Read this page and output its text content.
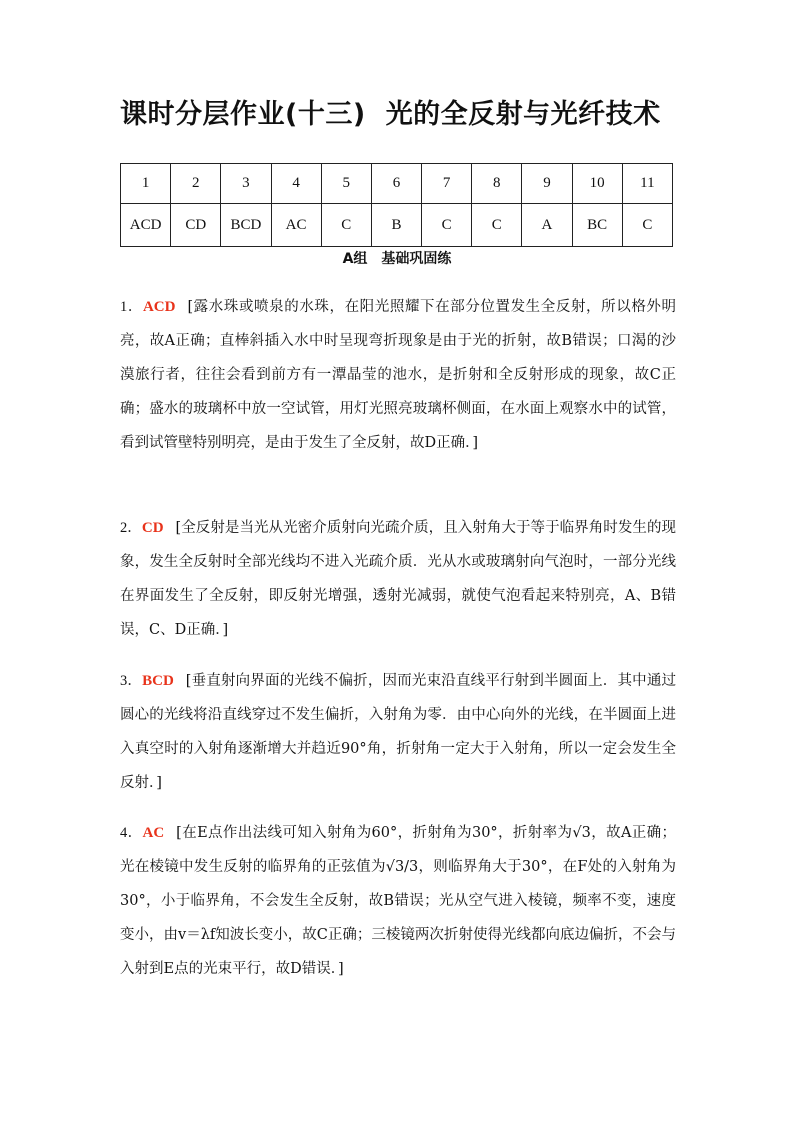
课时分层作业(十三) 光的全反射与光纤技术
1	2	3	4	5	6	7	8	9	10	11
ACD	CD	BCD	AC	C	B	C	C	A	BC	C
A组 基础巩固练
1．ACD [露水珠或喷泉的水珠，在阳光照耀下在部分位置发生全反射，所以格外明亮，故A正确；直棒斜插入水中时呈现弯折现象是由于光的折射，故B错误；口渴的沙漠旅行者，往往会看到前方有一潭晶莹的池水，是折射和全反射形成的现象，故C正确；盛水的玻璃杯中放一空试管，用灯光照亮玻璃杯侧面，在水面上观察水中的试管，看到试管壁特别明亮，是由于发生了全反射，故D正确．]
2．CD [全反射是当光从光密介质射向光疏介质，且入射角大于等于临界角时发生的现象，发生全反射时全部光线均不进入光疏介质．光从水或玻璃射向气泡时，一部分光线在界面发生了全反射，即反射光增强，透射光减弱，就使气泡看起来特别亮，A、B错误，C、D正确．]
3．BCD [垂直射向界面的光线不偏折，因而光束沿直线平行射到半圆面上．其中通过圆心的光线将沿直线穿过不发生偏折，入射角为零．由中心向外的光线，在半圆面上进入真空时的入射角逐渐增大并趋近90°角，折射角一定大于入射角，所以一定会发生全反射．]
4．AC [在E点作出法线可知入射角为60°，折射角为30°，折射率为√3，故A正确；光在棱镜中发生反射的临界角的正弦值为√3/3，则临界角大于30°，在F处的入射角为30°，小于临界角，不会发生全反射，故B错误；光从空气进入棱镜，频率不变，速度变小，由v＝λf知波长变小，故C正确；三棱镜两次折射使得光线都向底边偏折，不会与入射到E点的光束平行，故D错误．]
